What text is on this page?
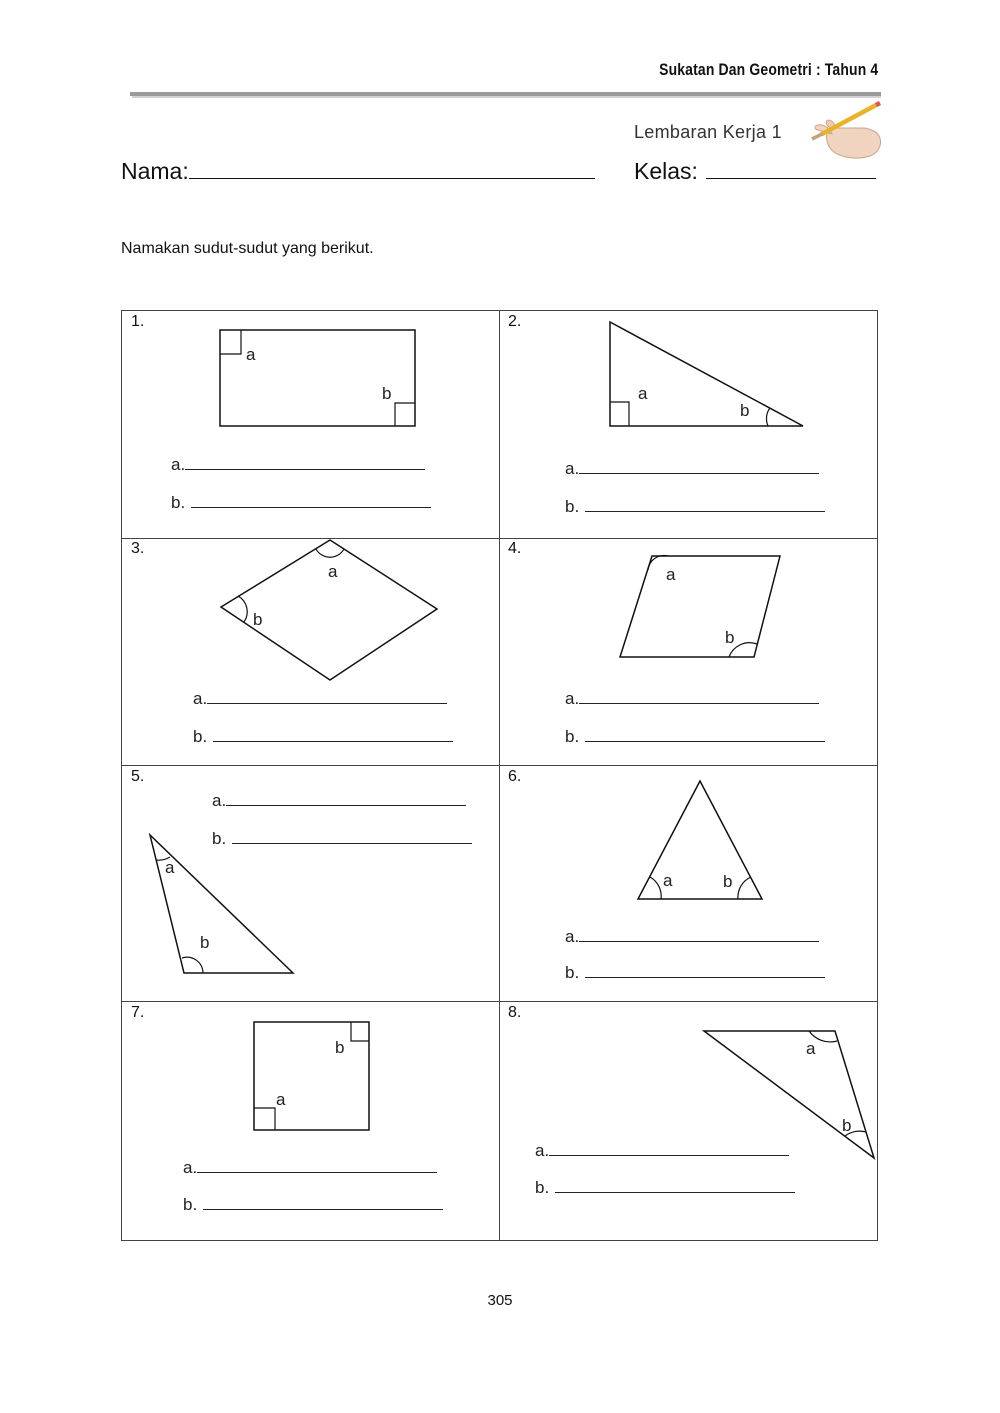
Sukatan Dan Geometri : Tahun 4
Lembaran Kerja 1
Nama:	Kelas:
Namakan sudut-sudut yang berikut.
1.	2.
3.	4.
5.	6.
7.	8.
a
b	a
b
a
b
a
b
a
b
a	b
a
b	a
b
a.
b.
a.
b.
a.
b.
a.
b.
a.
b.
a.
b.
a.
b.
a.
b.
305
